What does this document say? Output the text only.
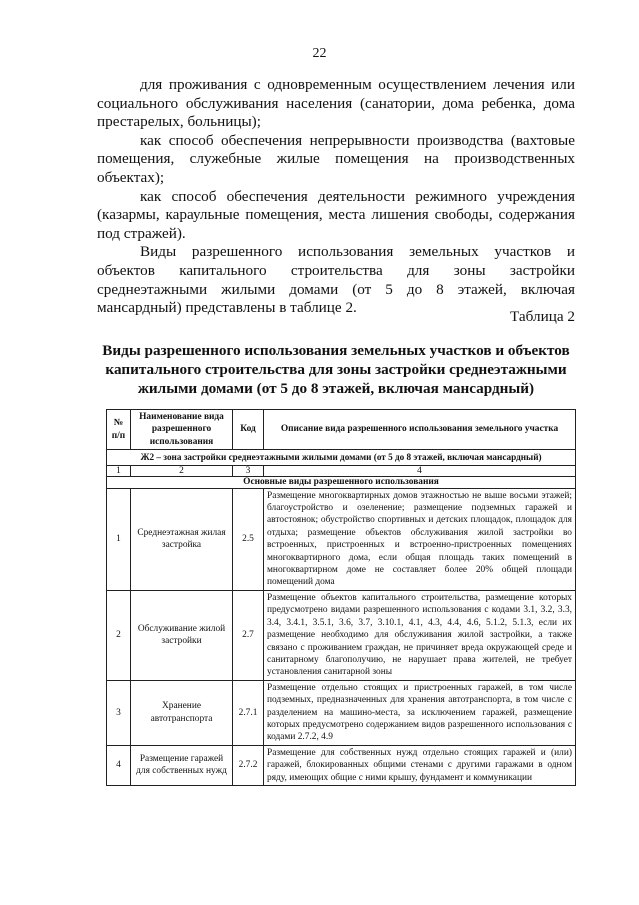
22

для проживания с одновременным осуществлением лечения или социального обслуживания населения (санатории, дома ребенка, дома престарелых, больницы);

как способ обеспечения непрерывности производства (вахтовые помещения, служебные жилые помещения на производственных объектах);

как способ обеспечения деятельности режимного учреждения (казармы, караульные помещения, места лишения свободы, содержания под стражей).

Виды разрешенного использования земельных участков и объектов капитального строительства для зоны застройки среднеэтажными жилыми домами (от 5 до 8 этажей, включая мансардный) представлены в таблице 2.

Таблица 2
Виды разрешенного использования земельных участков и объектов капитального строительства для зоны застройки среднеэтажными жилыми домами (от 5 до 8 этажей, включая мансардный)
Ж2 – зона застройки среднеэтажными жилыми домами (от 5 до 8 этажей, включая мансардный)			
№ п/п	Наименование вида разрешенного использования	Код	Описание вида разрешенного использования земельного участка
1	2	3	4
Основные виды разрешенного использования			
1	Среднеэтажная жилая застройка	2.5	Размещение многоквартирных домов этажностью не выше восьми этажей; благоустройство и озеленение; размещение подземных гаражей и автостоянок; обустройство спортивных и детских площадок, площадок для отдыха; размещение объектов обслуживания жилой застройки во встроенных, пристроенных и встроенно-пристроенных помещениях многоквартирного дома, если общая площадь таких помещений в многоквартирном доме не составляет более 20% общей площади помещений дома
2	Обслуживание жилой застройки	2.7	Размещение объектов капитального строительства, размещение которых предусмотрено видами разрешенного использования с кодами 3.1, 3.2, 3.3, 3.4, 3.4.1, 3.5.1, 3.6, 3.7, 3.10.1, 4.1, 4.3, 4.4, 4.6, 5.1.2, 5.1.3, если их размещение необходимо для обслуживания жилой застройки, а также связано с проживанием граждан, не причиняет вреда окружающей среде и санитарному благополучию, не нарушает права жителей, не требует установления санитарной зоны
3	Хранение автотранспорта	2.7.1	Размещение отдельно стоящих и пристроенных гаражей, в том числе подземных, предназначенных для хранения автотранспорта, в том числе с разделением на машино-места, за исключением гаражей, размещение которых предусмотрено содержанием видов разрешенного использования с кодами 2.7.2, 4.9
4	Размещение гаражей для собственных нужд	2.7.2	Размещение для собственных нужд отдельно стоящих гаражей и (или) гаражей, блокированных общими стенами с другими гаражами в одном ряду, имеющих общие с ними крышу, фундамент и коммуникации
